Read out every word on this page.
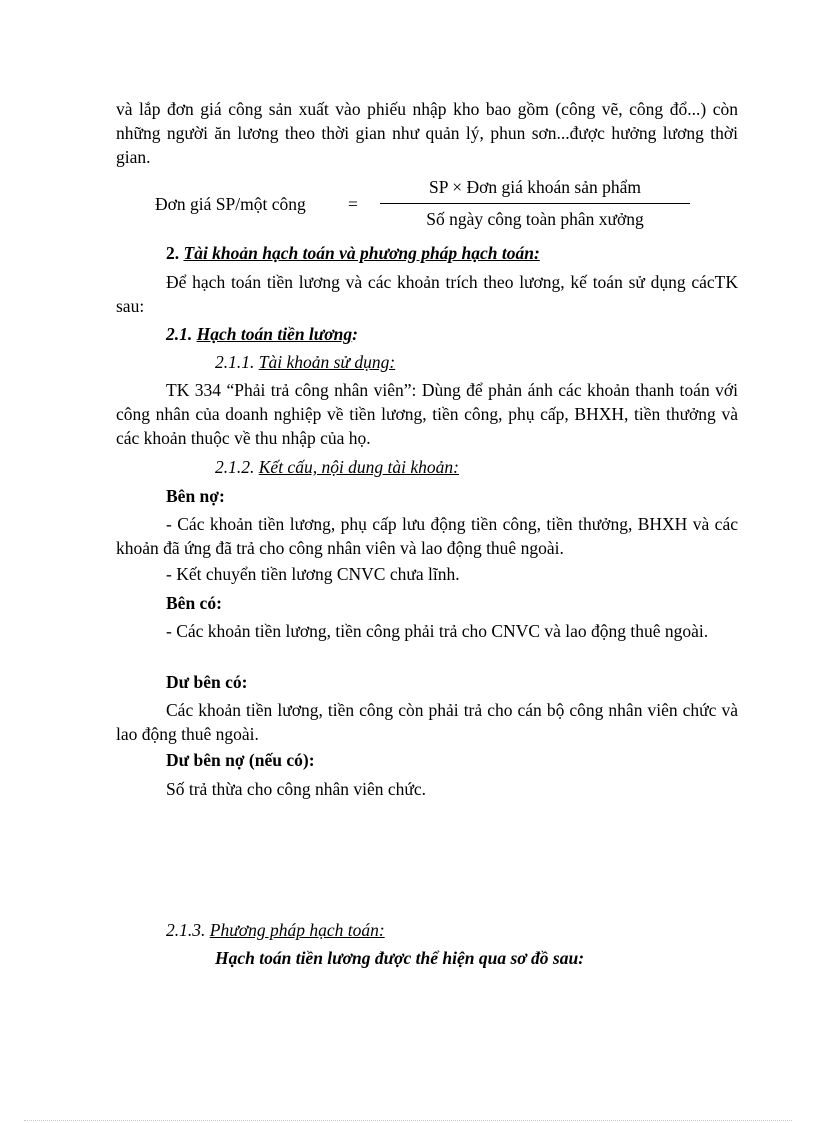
và lắp đơn giá công sản xuất vào phiếu nhập kho bao gồm (công vẽ, công đổ...) còn những người ăn lương theo thời gian như quản lý, phun sơn...được hưởng lương thời gian.
Đơn giá SP/một công =
SP × Đơn giá khoán sản phẩm
Số ngày công toàn phân xưởng
2. Tài khoản hạch toán và phương pháp hạch toán:
Để hạch toán tiền lương và các khoản trích theo lương, kế toán sử dụng cácTK sau:
2.1. Hạch toán tiền lương:
2.1.1. Tài khoản sử dụng:
TK 334 “Phải trả công nhân viên”: Dùng để phản ánh các khoản thanh toán với công nhân của doanh nghiệp về tiền lương, tiền công, phụ cấp, BHXH, tiền thưởng và các khoản thuộc về thu nhập của họ.
2.1.2. Kết cấu, nội dung tài khoản:
Bên nợ:
- Các khoản tiền lương, phụ cấp lưu động tiền công, tiền thưởng, BHXH và các khoản đã ứng đã trả cho công nhân viên và lao động thuê ngoài.
- Kết chuyển tiền lương CNVC chưa lĩnh.
Bên có:
- Các khoản tiền lương, tiền công phải trả cho CNVC và lao động thuê ngoài.
Dư bên có:
Các khoản tiền lương, tiền công còn phải trả cho cán bộ công nhân viên chức và lao động thuê ngoài.
Dư bên nợ (nếu có):
Số trả thừa cho công nhân viên chức.
2.1.3. Phương pháp hạch toán:
Hạch toán tiền lương được thể hiện qua sơ đồ sau:
